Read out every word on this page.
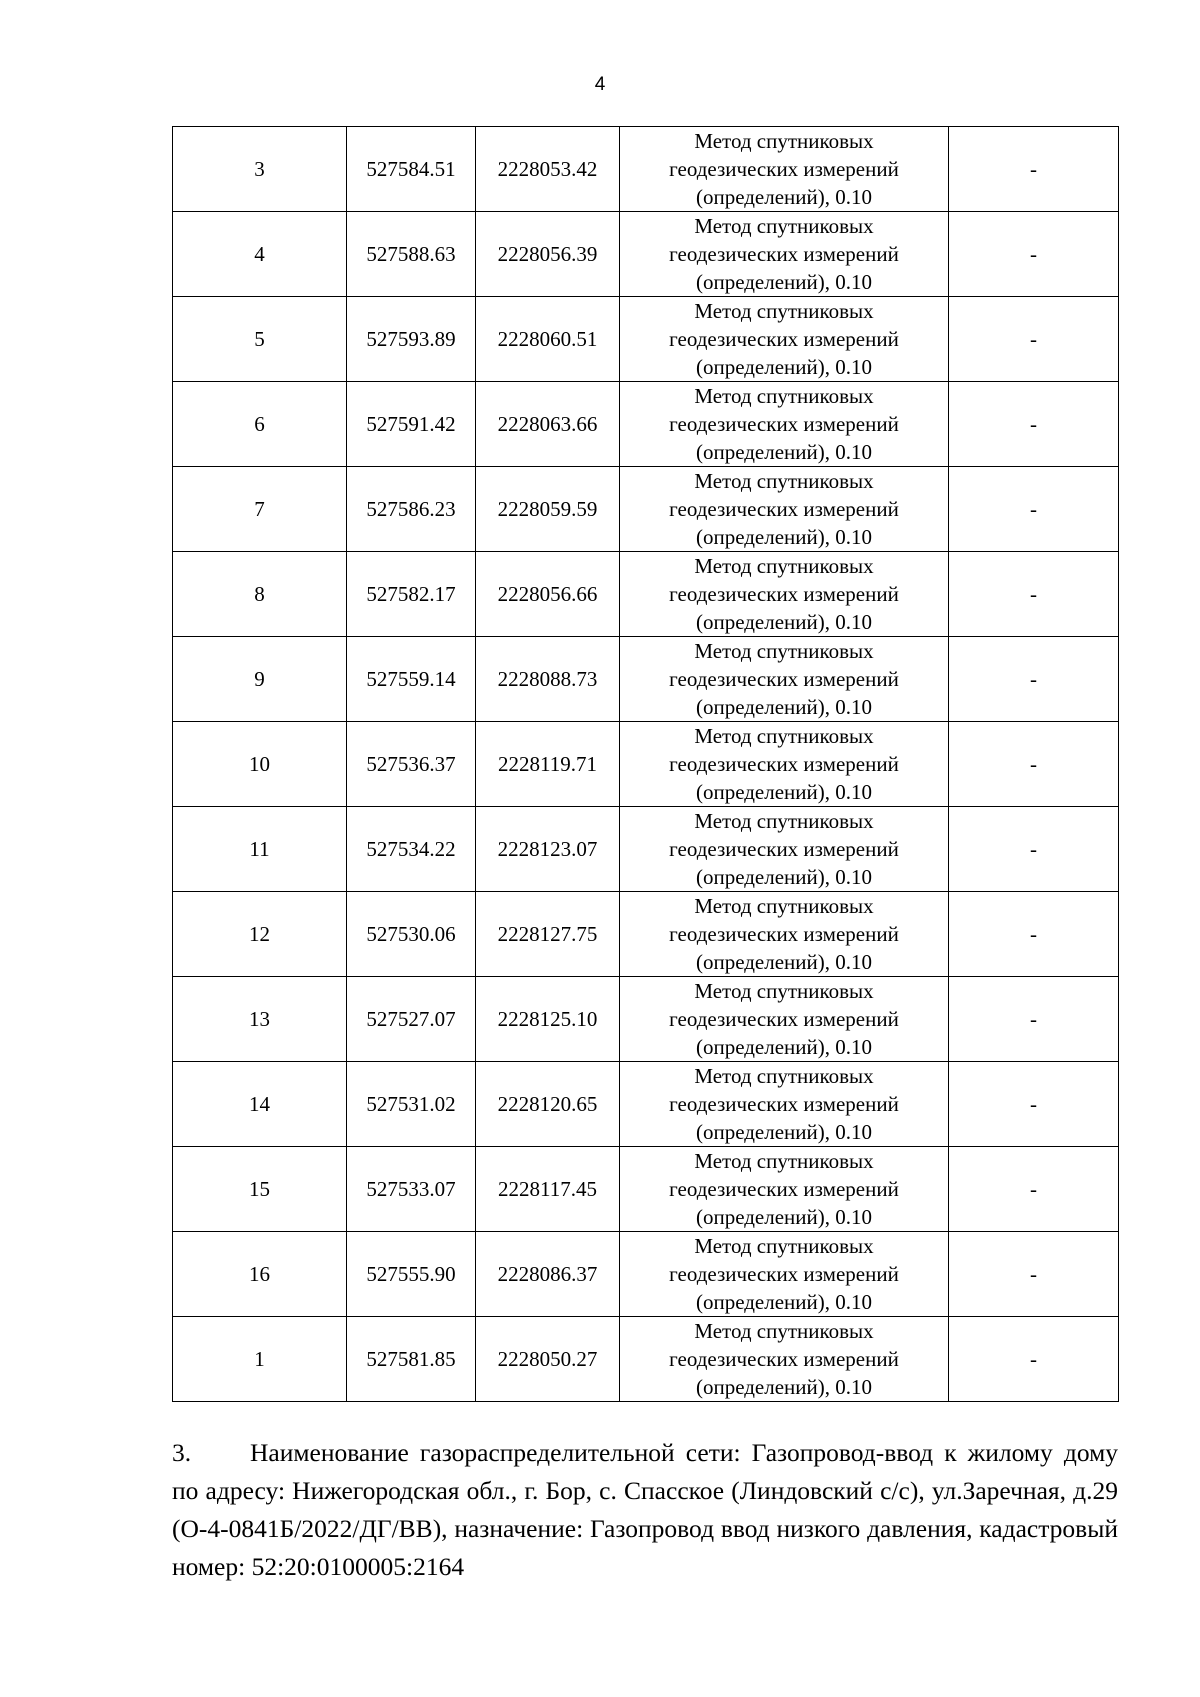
4
3	527584.51	2228053.42	Метод спутниковых
геодезических измерений
(определений), 0.10	-
4	527588.63	2228056.39	Метод спутниковых
геодезических измерений
(определений), 0.10	-
5	527593.89	2228060.51	Метод спутниковых
геодезических измерений
(определений), 0.10	-
6	527591.42	2228063.66	Метод спутниковых
геодезических измерений
(определений), 0.10	-
7	527586.23	2228059.59	Метод спутниковых
геодезических измерений
(определений), 0.10	-
8	527582.17	2228056.66	Метод спутниковых
геодезических измерений
(определений), 0.10	-
9	527559.14	2228088.73	Метод спутниковых
геодезических измерений
(определений), 0.10	-
10	527536.37	2228119.71	Метод спутниковых
геодезических измерений
(определений), 0.10	-
11	527534.22	2228123.07	Метод спутниковых
геодезических измерений
(определений), 0.10	-
12	527530.06	2228127.75	Метод спутниковых
геодезических измерений
(определений), 0.10	-
13	527527.07	2228125.10	Метод спутниковых
геодезических измерений
(определений), 0.10	-
14	527531.02	2228120.65	Метод спутниковых
геодезических измерений
(определений), 0.10	-
15	527533.07	2228117.45	Метод спутниковых
геодезических измерений
(определений), 0.10	-
16	527555.90	2228086.37	Метод спутниковых
геодезических измерений
(определений), 0.10	-
1	527581.85	2228050.27	Метод спутниковых
геодезических измерений
(определений), 0.10	-
3. Наименование газораспределительной сети: Газопровод-ввод к жилому дому по адресу: Нижегородская обл., г. Бор, с. Спасское (Линдовский с/с), ул.Заречная, д.29 (О-4-0841Б/2022/ДГ/ВВ), назначение: Газопровод ввод низкого давления, кадастровый номер: 52:20:0100005:2164
